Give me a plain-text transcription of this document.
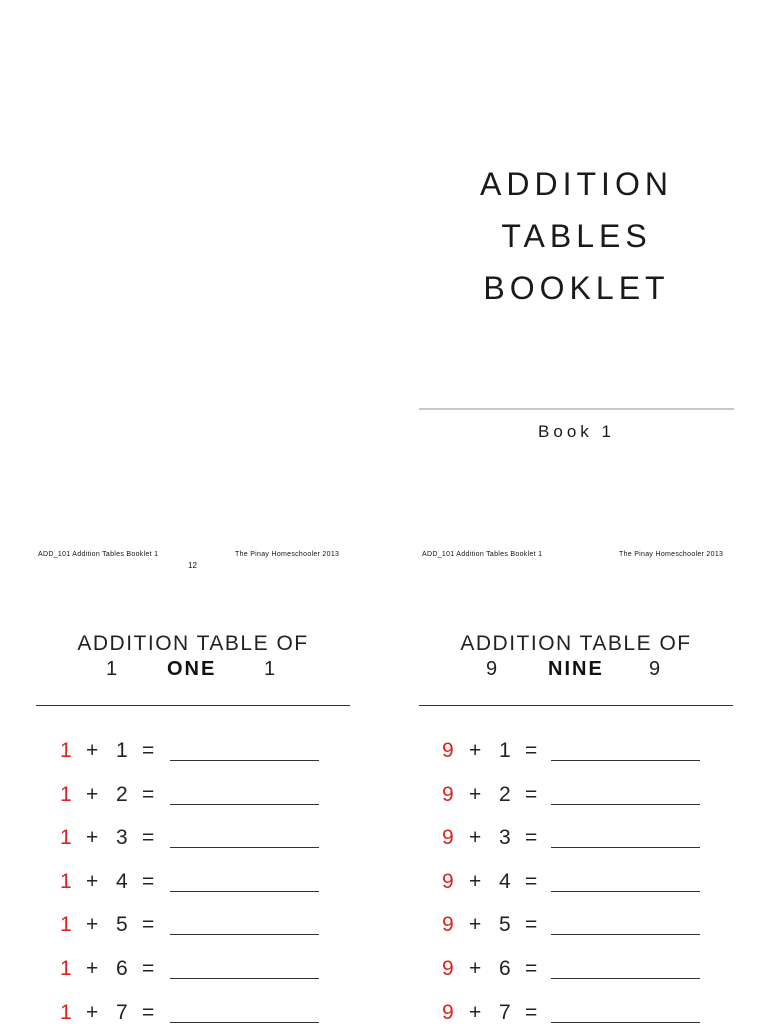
ADDITION
TABLES
BOOKLET
Book 1
ADD_101 Addition Tables Booklet 1	The Pinay Homeschooler 2013
12
ADD_101 Addition Tables Booklet 1	The Pinay Homeschooler 2013
ADDITION TABLE OF
1 ONE 1
1 + 1 =
1 + 2 =
1 + 3 =
1 + 4 =
1 + 5 =
1 + 6 =
1 + 7 =
ADDITION TABLE OF
9	NINE 9
9 + 1 =
9 + 2 =
9 + 3 =
9 + 4 =
9 + 5 =
9 + 6 =
9 + 7 =
